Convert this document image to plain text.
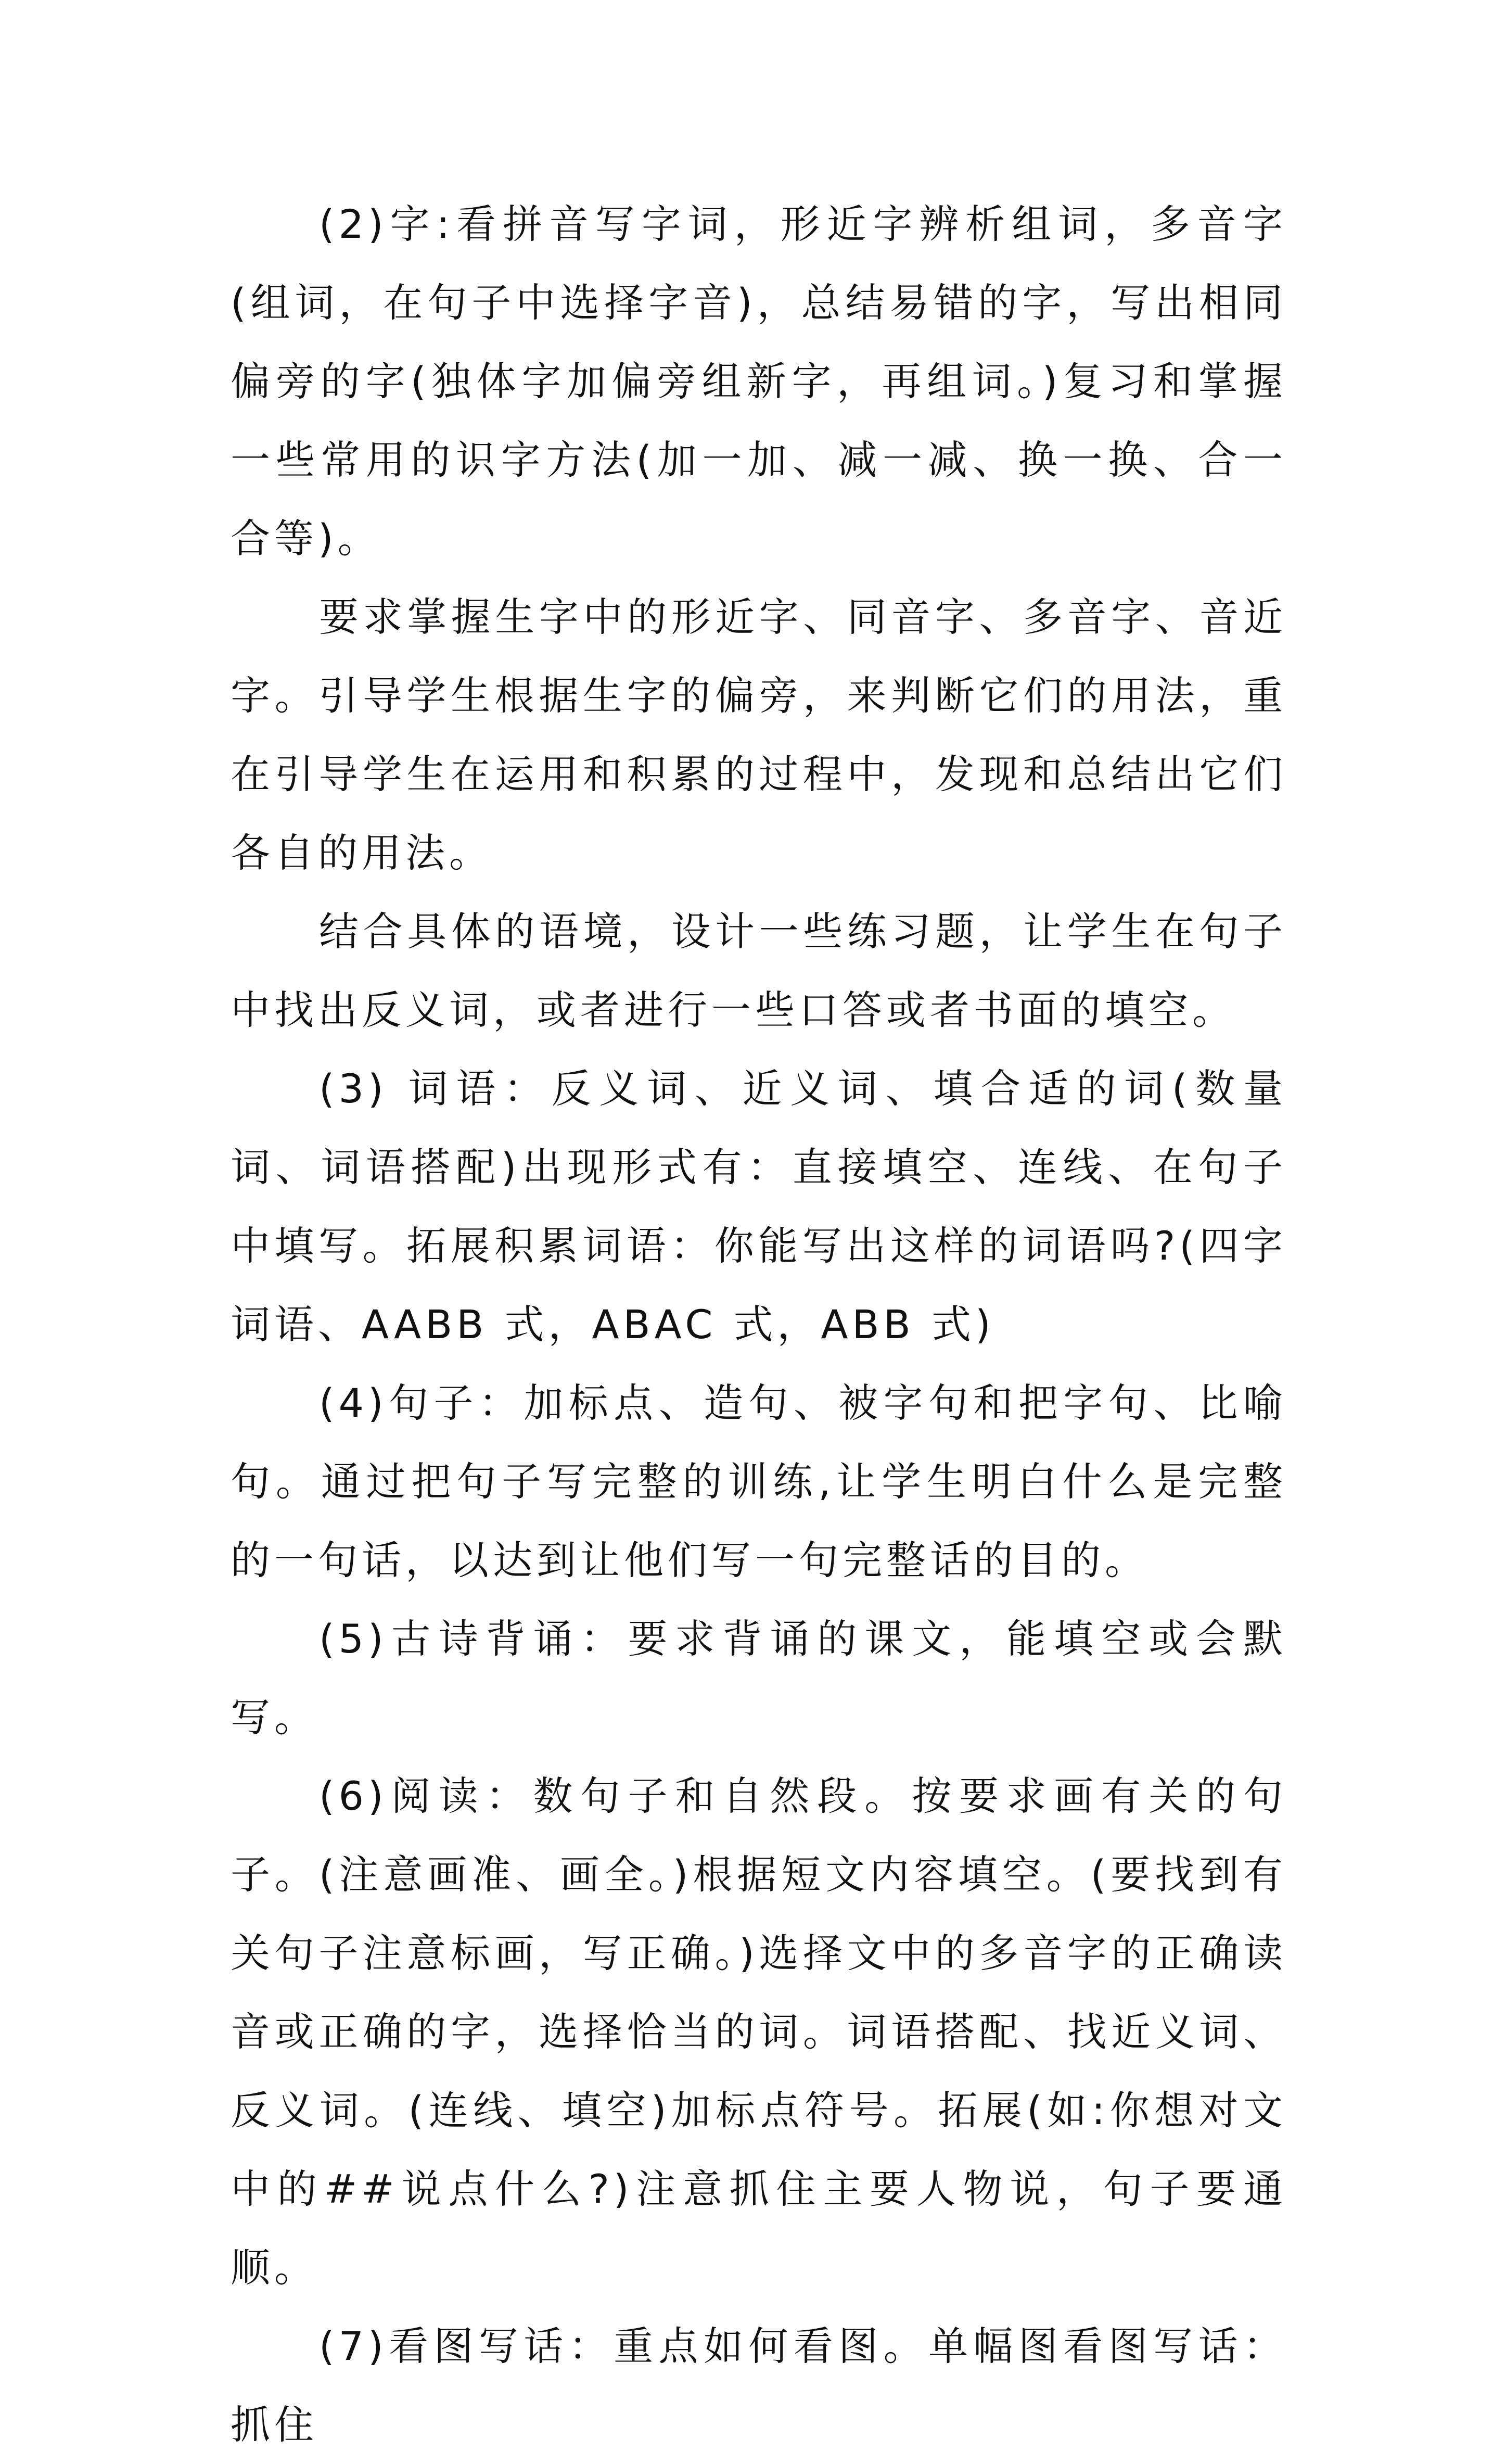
(2)字:看拼音写字词，形近字辨析组词，多音字(组词，在句子中选择字音)，总结易错的字，写出相同偏旁的字(独体字加偏旁组新字，再组词。)复习和掌握一些常用的识字方法(加一加、减一减、换一换、合一合等)。

要求掌握生字中的形近字、同音字、多音字、音近字。引导学生根据生字的偏旁，来判断它们的用法，重在引导学生在运用和积累的过程中，发现和总结出它们各自的用法。

结合具体的语境，设计一些练习题，让学生在句子中找出反义词，或者进行一些口答或者书面的填空。

(3) 词语：反义词、近义词、填合适的词(数量词、词语搭配)出现形式有：直接填空、连线、在句子中填写。拓展积累词语：你能写出这样的词语吗?(四字词语、AABB 式，ABAC 式，ABB 式)

(4)句子：加标点、造句、被字句和把字句、比喻句。通过把句子写完整的训练,让学生明白什么是完整的一句话，以达到让他们写一句完整话的目的。

(5)古诗背诵：要求背诵的课文，能填空或会默写。

(6)阅读：数句子和自然段。按要求画有关的句子。(注意画准、画全。)根据短文内容填空。(要找到有关句子注意标画，写正确。)选择文中的多音字的正确读音或正确的字，选择恰当的词。词语搭配、找近义词、反义词。(连线、填空)加标点符号。拓展(如:你想对文中的##说点什么?)注意抓住主要人物说，句子要通顺。

(7)看图写话：重点如何看图。单幅图看图写话：抓住
